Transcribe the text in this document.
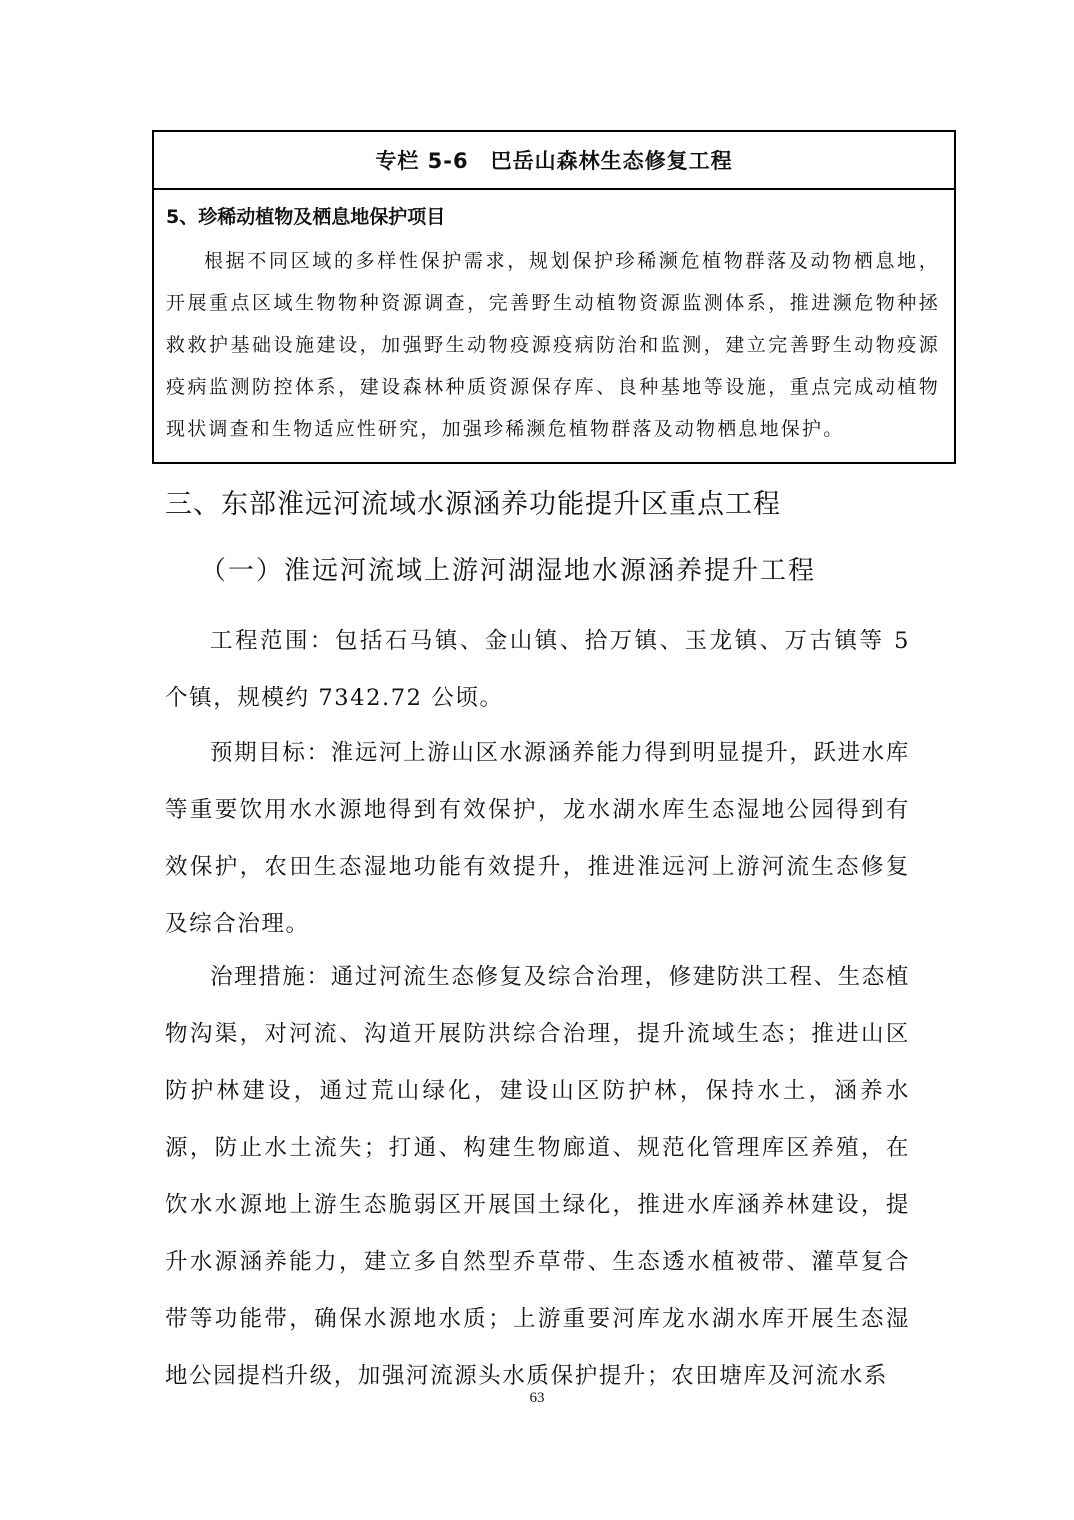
专栏 5-6　巴岳山森林生态修复工程
5、珍稀动植物及栖息地保护项目
根据不同区域的多样性保护需求，规划保护珍稀濒危植物群落及动物栖息地，开展重点区域生物物种资源调查，完善野生动植物资源监测体系，推进濒危物种拯救救护基础设施建设，加强野生动物疫源疫病防治和监测，建立完善野生动物疫源疫病监测防控体系，建设森林种质资源保存库、良种基地等设施，重点完成动植物现状调查和生物适应性研究，加强珍稀濒危植物群落及动物栖息地保护。
三、东部淮远河流域水源涵养功能提升区重点工程
（一）淮远河流域上游河湖湿地水源涵养提升工程
工程范围：包括石马镇、金山镇、拾万镇、玉龙镇、万古镇等 5 个镇，规模约 7342.72 公顷。
预期目标：淮远河上游山区水源涵养能力得到明显提升，跃进水库等重要饮用水水源地得到有效保护，龙水湖水库生态湿地公园得到有效保护，农田生态湿地功能有效提升，推进淮远河上游河流生态修复及综合治理。
治理措施：通过河流生态修复及综合治理，修建防洪工程、生态植物沟渠，对河流、沟道开展防洪综合治理，提升流域生态；推进山区防护林建设，通过荒山绿化，建设山区防护林，保持水土，涵养水源，防止水土流失；打通、构建生物廊道、规范化管理库区养殖，在饮水水源地上游生态脆弱区开展国土绿化，推进水库涵养林建设，提升水源涵养能力，建立多自然型乔草带、生态透水植被带、灌草复合带等功能带，确保水源地水质；上游重要河库龙水湖水库开展生态湿地公园提档升级，加强河流源头水质保护提升；农田塘库及河流水系
63
